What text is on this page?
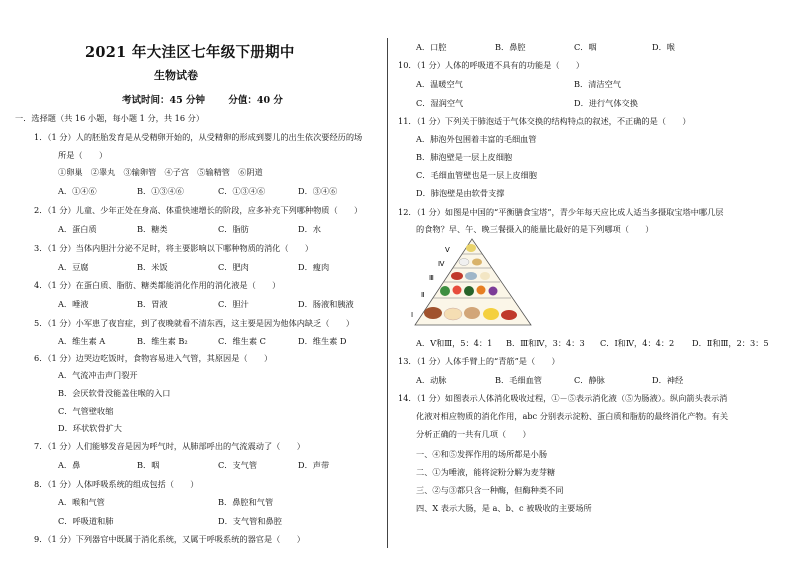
2021 年大洼区七年级下册期中
生物试卷
考试时间：45 分钟 分值：40 分
一．选择题（共 16 小题，每小题 1 分，共 16 分）
1．（1 分）人的胚胎发育是从受精卵开始的，从受精卵的形成到婴儿的出生依次要经历的场
所是（　　）
①卵巢　②睾丸　③输卵管　④子宫　⑤输精管　⑥阴道
A．①④⑥	B．①③④⑥	C．①③④⑥	D．③④⑥
2．（1 分）儿童、少年正处在身高、体重快速增长的阶段，应多补充下列哪种物质（　　）
A．蛋白质	B．糖类	C．脂肪	D．水
3．（1 分）当体内胆汁分泌不足时，将主要影响以下哪种物质的消化（　　）
A．豆腐	B．米饭	C．肥肉	D．瘦肉
4．（1 分）在蛋白质、脂肪、糖类都能消化作用的消化液是（　　）
A．唾液	B．胃液	C．胆汁	D．肠液和胰液
5．（1 分）小军患了夜盲症，到了夜晚就看不清东西，这主要是因为他体内缺乏（　　）
A．维生素 A	B．维生素 B₂	C．维生素 C	D．维生素 D
6．（1 分）边哭边吃饭时，食物容易进入气管，其原因是（　　）
A．气流冲击声门裂开
B．会厌软骨没能盖住喉的入口
C．气管壁收缩
D．环状软骨扩大
7．（1 分）人们能够发音是因为呼气时，从肺部呼出的气流震动了（　　）
A．鼻	B．咽	C．支气管	D．声带
8．（1 分）人体呼吸系统的组成包括（　　）
A．喉和气管	B．鼻腔和气管
C．呼吸道和肺	D．支气管和鼻腔
9．（1 分）下列器官中既属于消化系统，又属于呼吸系统的器官是（　　）
A．口腔	B．鼻腔	C．咽	D．喉
10．（1 分）人体的呼吸道不具有的功能是（　　）
A．温暖空气	B．清洁空气
C．湿润空气	D．进行气体交换
11．（1 分）下列关于肺泡适于气体交换的结构特点的叙述，不正确的是（　　）
A．肺泡外包围着丰富的毛细血管
B．肺泡壁是一层上皮细胞
C．毛细血管壁也是一层上皮细胞
D．肺泡壁是由软骨支撑
12．（1 分）如图是中国的“平衡膳食宝塔”，青少年每天应比成人适当多摄取宝塔中哪几层
的食物？早、午、晚三餐摄入的能量比最好的是下列哪项（　　）
Ⅴ
Ⅳ
Ⅲ
Ⅱ
Ⅰ
A．Ⅴ和Ⅲ，5：4：1 B．Ⅲ和Ⅳ，3：4：3 C．Ⅰ和Ⅳ，4：4：2 D．Ⅱ和Ⅲ，2：3：5
13．（1 分）人体手臂上的“青筋”是（　　）
A．动脉	B．毛细血管	C．静脉	D．神经
14．（1 分）如图表示人体消化吸收过程，①－⑤表示消化液（⑤为肠液）。纵向箭头表示消
化液对相应物质的消化作用，abc 分别表示淀粉、蛋白质和脂肪的最终消化产物。有关
分析正确的一共有几项（　　）
一、④和⑤发挥作用的场所都是小肠
二、①为唾液，能将淀粉分解为麦芽糖
三、②与③都只含一种酶，但酶种类不同
四、X 表示大肠，是 a、b、c 被吸收的主要场所
